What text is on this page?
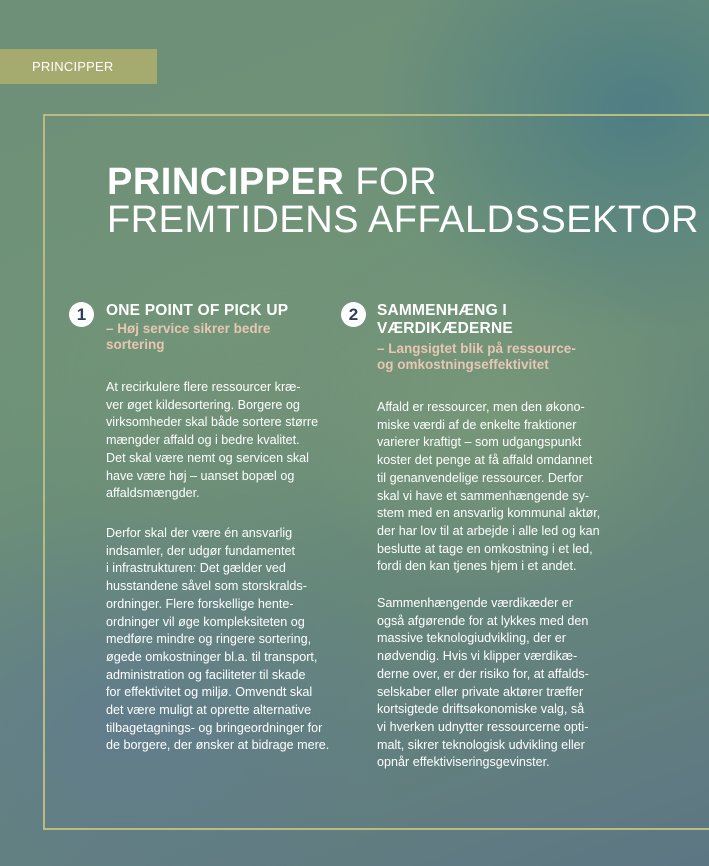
PRINCIPPER
PRINCIPPER FOR
FREMTIDENS AFFALDSSEKTOR
1	ONE POINT OF PICK UP

– Høj service sikrer bedre
sortering

At recirkulere flere ressourcer kræ-
ver øget kildesortering. Borgere og
virksomheder skal både sortere større
mængder affald og i bedre kvalitet.
Det skal være nemt og servicen skal
have være høj – uanset bopæl og
affaldsmængder.

Derfor skal der være én ansvarlig
indsamler, der udgør fundamentet
i infrastrukturen: Det gælder ved
husstandene såvel som storskralds-
ordninger. Flere forskellige hente-
ordninger vil øge kompleksiteten og
medføre mindre og ringere sortering,
øgede omkostninger bl.a. til transport,
administration og faciliteter til skade
for effektivitet og miljø. Omvendt skal
det være muligt at oprette alternative
tilbagetagnings- og bringeordninger for
de borgere, der ønsker at bidrage mere.

2	SAMMENHÆNG I
VÆRDIKÆDERNE

– Langsigtet blik på ressource-
og omkostningseffektivitet

Affald er ressourcer, men den økono-
miske værdi af de enkelte fraktioner
varierer kraftigt – som udgangspunkt
koster det penge at få affald omdannet
til genanvendelige ressourcer. Derfor
skal vi have et sammenhængende sy-
stem med en ansvarlig kommunal aktør,
der har lov til at arbejde i alle led og kan
beslutte at tage en omkostning i et led,
fordi den kan tjenes hjem i et andet.

Sammenhængende værdikæder er
også afgørende for at lykkes med den
massive teknologiudvikling, der er
nødvendig. Hvis vi klipper værdikæ-
derne over, er der risiko for, at affalds-
selskaber eller private aktører træffer
kortsigtede driftsøkonomiske valg, så
vi hverken udnytter ressourcerne opti-
malt, sikrer teknologisk udvikling eller
opnår effektiviseringsgevinster.
